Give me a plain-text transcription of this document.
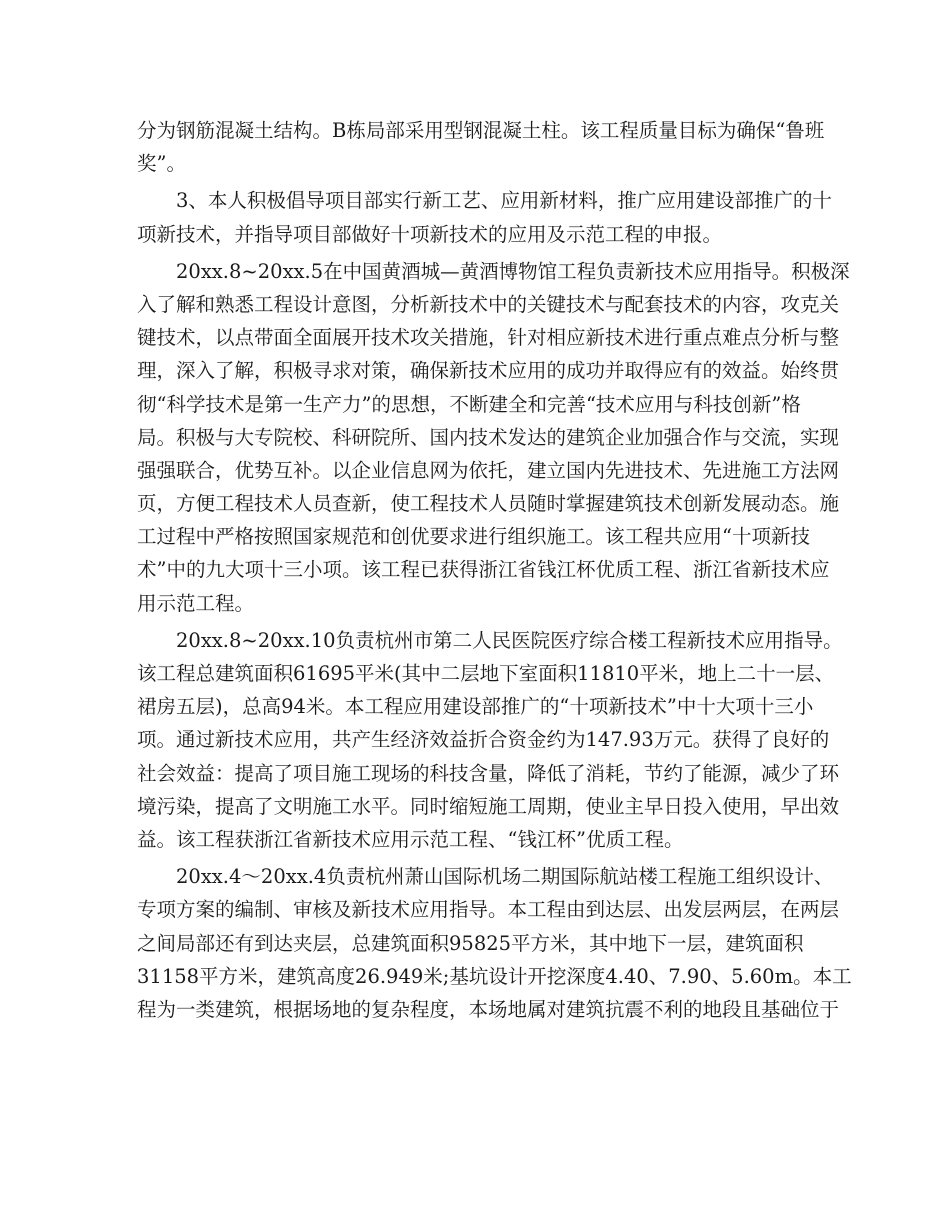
分为钢筋混凝土结构。B栋局部采用型钢混凝土柱。该工程质量目标为确保“鲁班
奖”。
3、本人积极倡导项目部实行新工艺、应用新材料，推广应用建设部推广的十
项新技术，并指导项目部做好十项新技术的应用及示范工程的申报。
20xx.8~20xx.5在中国黄酒城—黄酒博物馆工程负责新技术应用指导。积极深
入了解和熟悉工程设计意图，分析新技术中的关键技术与配套技术的内容，攻克关
键技术，以点带面全面展开技术攻关措施，针对相应新技术进行重点难点分析与整
理，深入了解，积极寻求对策，确保新技术应用的成功并取得应有的效益。始终贯
彻“科学技术是第一生产力”的思想，不断建全和完善“技术应用与科技创新”格
局。积极与大专院校、科研院所、国内技术发达的建筑企业加强合作与交流，实现
强强联合，优势互补。以企业信息网为依托，建立国内先进技术、先进施工方法网
页，方便工程技术人员查新，使工程技术人员随时掌握建筑技术创新发展动态。施
工过程中严格按照国家规范和创优要求进行组织施工。该工程共应用“十项新技
术”中的九大项十三小项。该工程已获得浙江省钱江杯优质工程、浙江省新技术应
用示范工程。
20xx.8~20xx.10负责杭州市第二人民医院医疗综合楼工程新技术应用指导。
该工程总建筑面积61695平米(其中二层地下室面积11810平米，地上二十一层、
裙房五层)，总高94米。本工程应用建设部推广的“十项新技术”中十大项十三小
项。通过新技术应用，共产生经济效益折合资金约为147.93万元。获得了良好的
社会效益：提高了项目施工现场的科技含量，降低了消耗，节约了能源，减少了环
境污染，提高了文明施工水平。同时缩短施工周期，使业主早日投入使用，早出效
益。该工程获浙江省新技术应用示范工程、“钱江杯”优质工程。
20xx.4～20xx.4负责杭州萧山国际机场二期国际航站楼工程施工组织设计、
专项方案的编制、审核及新技术应用指导。本工程由到达层、出发层两层，在两层
之间局部还有到达夹层，总建筑面积95825平方米，其中地下一层，建筑面积
31158平方米，建筑高度26.949米;基坑设计开挖深度4.40、7.90、5.60m。本工
程为一类建筑，根据场地的复杂程度，本场地属对建筑抗震不利的地段且基础位于
